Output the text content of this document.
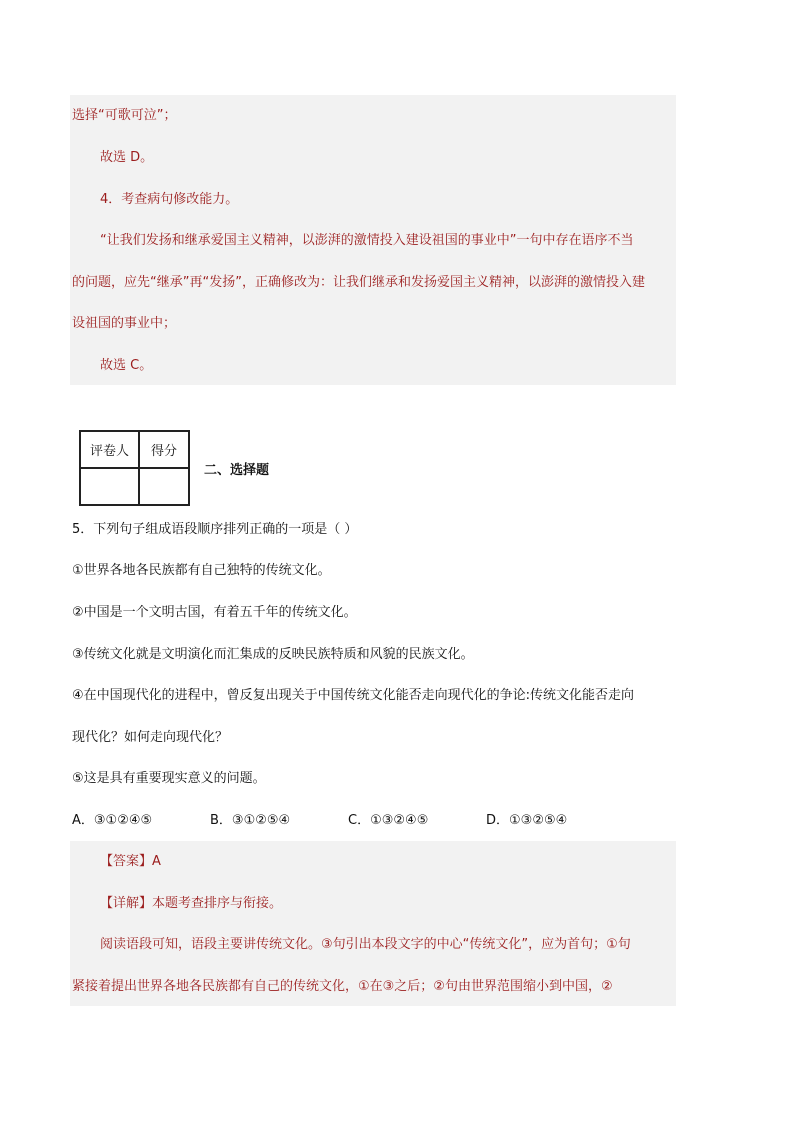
选择“可歌可泣”；
故选 D。
4．考查病句修改能力。
“让我们发扬和继承爱国主义精神，以澎湃的激情投入建设祖国的事业中”一句中存在语序不当
的问题，应先“继承”再“发扬”，正确修改为：让我们继承和发扬爱国主义精神，以澎湃的激情投入建
设祖国的事业中；
故选 C。
评卷人	得分

二、选择题
5．下列句子组成语段顺序排列正确的一项是（ ）
①世界各地各民族都有自己独特的传统文化。
②中国是一个文明古国，有着五千年的传统文化。
③传统文化就是文明演化而汇集成的反映民族特质和风貌的民族文化。
④在中国现代化的进程中，曾反复出现关于中国传统文化能否走向现代化的争论:传统文化能否走向
现代化？如何走向现代化？
⑤这是具有重要现实意义的问题。
A．③①②④⑤	B．③①②⑤④	C．①③②④⑤	D．①③②⑤④
【答案】A
【详解】本题考查排序与衔接。
阅读语段可知，语段主要讲传统文化。③句引出本段文字的中心“传统文化”，应为首句；①句
紧接着提出世界各地各民族都有自己的传统文化，①在③之后；②句由世界范围缩小到中国，②
